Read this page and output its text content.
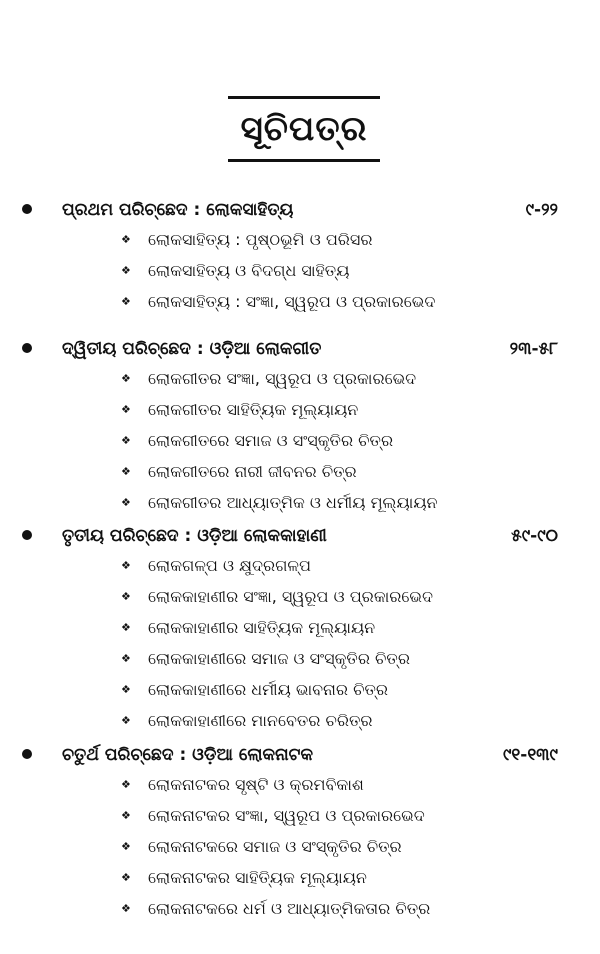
ସୂଚିପତ୍ର
ପ୍ରଥମ ପରିଚ୍ଛେଦ : ଲୋକସାହିତ୍ୟ	୯-୨୨
❖ ଲୋକସାହିତ୍ୟ : ପୃଷ୍ଠଭୂମି ଓ ପରିସର
❖ ଲୋକସାହିତ୍ୟ ଓ ବିଦଗ୍ଧ ସାହିତ୍ୟ
❖ ଲୋକସାହିତ୍ୟ : ସଂଜ୍ଞା, ସ୍ୱରୂପ ଓ ପ୍ରକାରଭେଦ
ଦ୍ୱିତୀୟ ପରିଚ୍ଛେଦ : ଓଡ଼ିଆ ଲୋକଗୀତ	୨୩-୫୮
❖ ଲୋକଗୀତର ସଂଜ୍ଞା, ସ୍ୱରୂପ ଓ ପ୍ରକାରଭେଦ
❖ ଲୋକଗୀତର ସାହିତ୍ୟିକ ମୂଲ୍ୟାୟନ
❖ ଲୋକଗୀତରେ ସମାଜ ଓ ସଂସ୍କୃତିର ଚିତ୍ର
❖ ଲୋକଗୀତରେ ନାରୀ ଜୀବନର ଚିତ୍ର
❖ ଲୋକଗୀତର ଆଧ୍ୟାତ୍ମିକ ଓ ଧର୍ମୀୟ ମୂଲ୍ୟାୟନ
ତୃତୀୟ ପରିଚ୍ଛେଦ : ଓଡ଼ିଆ ଲୋକକାହାଣୀ	୫୯-୯୦
❖ ଲୋକଗଳ୍ପ ଓ କ୍ଷୁଦ୍ରଗଳ୍ପ
❖ ଲୋକକାହାଣୀର ସଂଜ୍ଞା, ସ୍ୱରୂପ ଓ ପ୍ରକାରଭେଦ
❖ ଲୋକକାହାଣୀର ସାହିତ୍ୟିକ ମୂଲ୍ୟାୟନ
❖ ଲୋକକାହାଣୀରେ ସମାଜ ଓ ସଂସ୍କୃତିର ଚିତ୍ର
❖ ଲୋକକାହାଣୀରେ ଧର୍ମୀୟ ଭାବନାର ଚିତ୍ର
❖ ଲୋକକାହାଣୀରେ ମାନବେତର ଚରିତ୍ର
ଚତୁର୍ଥ ପରିଚ୍ଛେଦ : ଓଡ଼ିଆ ଲୋକନାଟକ	୯୧-୧୩୯
❖ ଲୋକନାଟକର ସୃଷ୍ଟି ଓ କ୍ରମବିକାଶ
❖ ଲୋକନାଟକର ସଂଜ୍ଞା, ସ୍ୱରୂପ ଓ ପ୍ରକାରଭେଦ
❖ ଲୋକନାଟକରେ ସମାଜ ଓ ସଂସ୍କୃତିର ଚିତ୍ର
❖ ଲୋକନାଟକର ସାହିତ୍ୟିକ ମୂଲ୍ୟାୟନ
❖ ଲୋକନାଟକରେ ଧର୍ମ ଓ ଆଧ୍ୟାତ୍ମିକତାର ଚିତ୍ର
